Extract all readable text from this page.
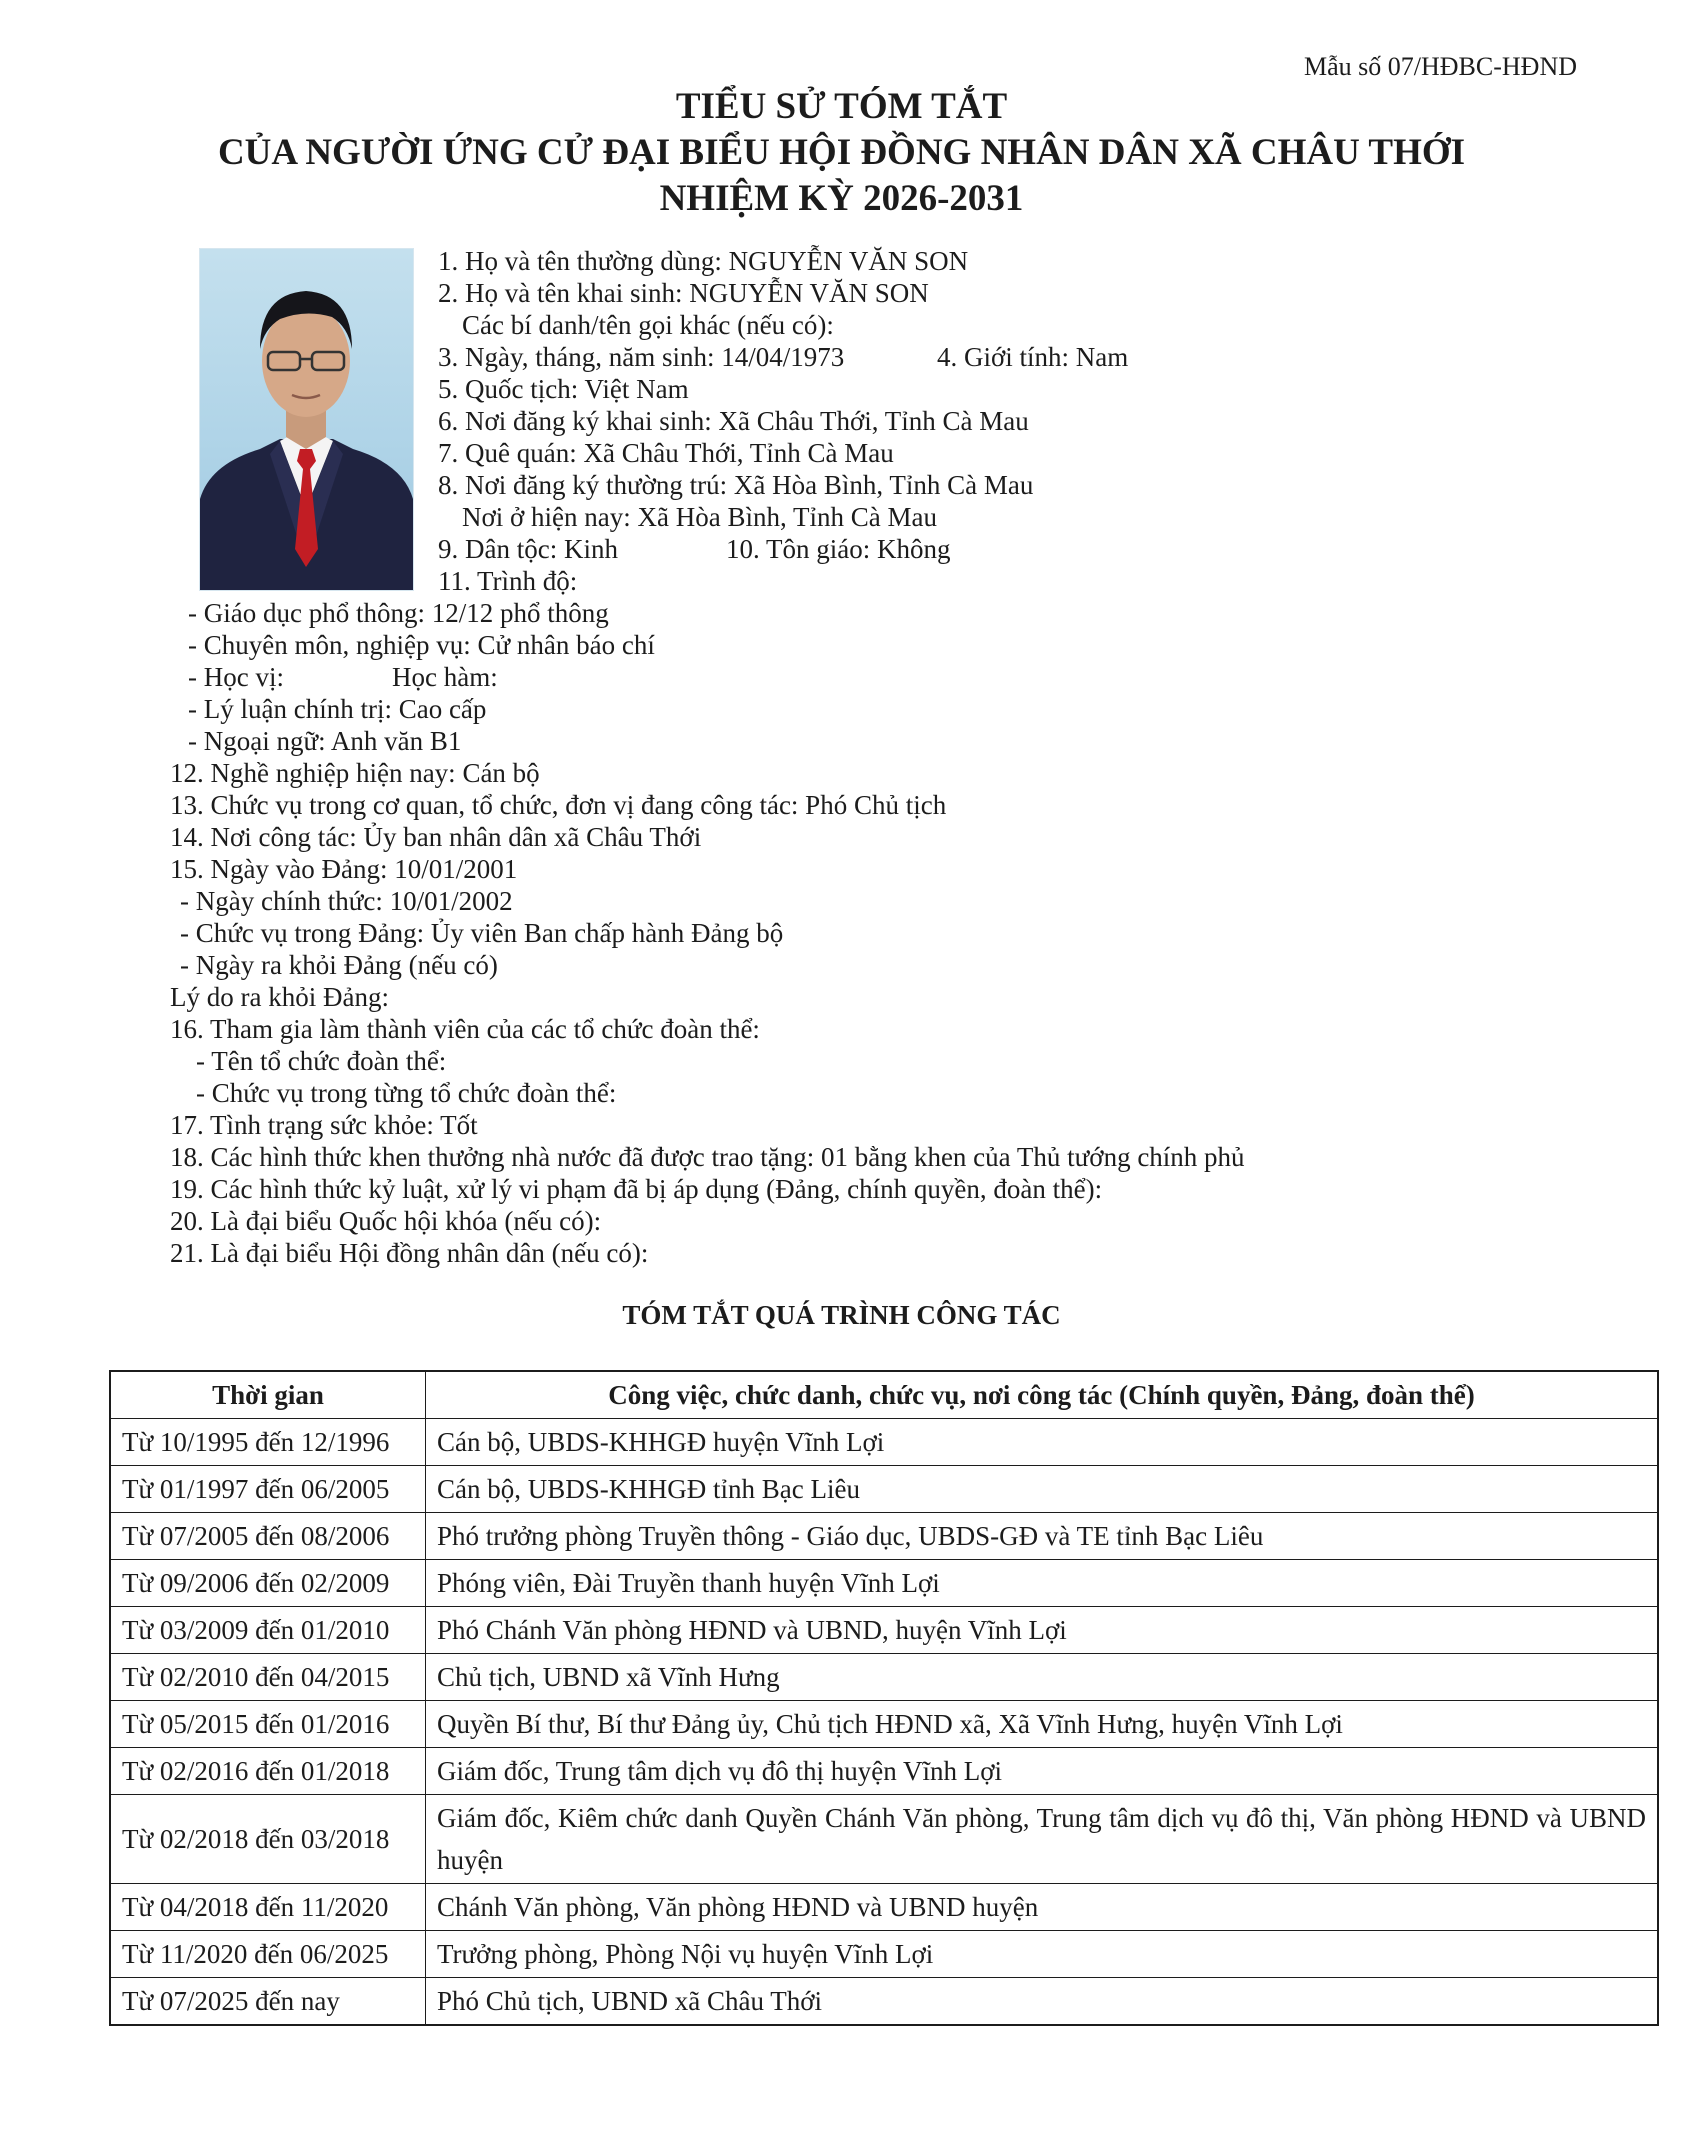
Mẫu số 07/HĐBC-HĐND
TIỂU SỬ TÓM TẮT
CỦA NGƯỜI ỨNG CỬ ĐẠI BIỂU HỘI ĐỒNG NHÂN DÂN XÃ CHÂU THỚI
NHIỆM KỲ 2026-2031
1. Họ và tên thường dùng: NGUYỄN VĂN SON
2. Họ và tên khai sinh: NGUYỄN VĂN SON
Các bí danh/tên gọi khác (nếu có):
3. Ngày, tháng, năm sinh: 14/04/1973	4. Giới tính: Nam
5. Quốc tịch: Việt Nam
6. Nơi đăng ký khai sinh: Xã Châu Thới, Tỉnh Cà Mau
7. Quê quán: Xã Châu Thới, Tỉnh Cà Mau
8. Nơi đăng ký thường trú: Xã Hòa Bình, Tỉnh Cà Mau
Nơi ở hiện nay: Xã Hòa Bình, Tỉnh Cà Mau
9. Dân tộc: Kinh	10. Tôn giáo: Không
11. Trình độ:
- Giáo dục phổ thông: 12/12 phổ thông
- Chuyên môn, nghiệp vụ: Cử nhân báo chí
- Học vị:	Học hàm:
- Lý luận chính trị: Cao cấp
- Ngoại ngữ: Anh văn B1
12. Nghề nghiệp hiện nay: Cán bộ
13. Chức vụ trong cơ quan, tổ chức, đơn vị đang công tác: Phó Chủ tịch
14. Nơi công tác: Ủy ban nhân dân xã Châu Thới
15. Ngày vào Đảng: 10/01/2001
- Ngày chính thức: 10/01/2002
- Chức vụ trong Đảng: Ủy viên Ban chấp hành Đảng bộ
- Ngày ra khỏi Đảng (nếu có)
Lý do ra khỏi Đảng:
16. Tham gia làm thành viên của các tổ chức đoàn thể:
- Tên tổ chức đoàn thể:
- Chức vụ trong từng tổ chức đoàn thể:
17. Tình trạng sức khỏe: Tốt
18. Các hình thức khen thưởng nhà nước đã được trao tặng: 01 bằng khen của Thủ tướng chính phủ
19. Các hình thức kỷ luật, xử lý vi phạm đã bị áp dụng (Đảng, chính quyền, đoàn thể):
20. Là đại biểu Quốc hội khóa (nếu có):
21. Là đại biểu Hội đồng nhân dân (nếu có):
TÓM TẮT QUÁ TRÌNH CÔNG TÁC
Thời gian	Công việc, chức danh, chức vụ, nơi công tác (Chính quyền, Đảng, đoàn thể)
Từ 10/1995 đến 12/1996	Cán bộ, UBDS-KHHGĐ huyện Vĩnh Lợi
Từ 01/1997 đến 06/2005	Cán bộ, UBDS-KHHGĐ tỉnh Bạc Liêu
Từ 07/2005 đến 08/2006	Phó trưởng phòng Truyền thông - Giáo dục, UBDS-GĐ và TE tỉnh Bạc Liêu
Từ 09/2006 đến 02/2009	Phóng viên, Đài Truyền thanh huyện Vĩnh Lợi
Từ 03/2009 đến 01/2010	Phó Chánh Văn phòng HĐND và UBND, huyện Vĩnh Lợi
Từ 02/2010 đến 04/2015	Chủ tịch, UBND xã Vĩnh Hưng
Từ 05/2015 đến 01/2016	Quyền Bí thư, Bí thư Đảng ủy, Chủ tịch HĐND xã, Xã Vĩnh Hưng, huyện Vĩnh Lợi
Từ 02/2016 đến 01/2018	Giám đốc, Trung tâm dịch vụ đô thị huyện Vĩnh Lợi
Từ 02/2018 đến 03/2018	Giám đốc, Kiêm chức danh Quyền Chánh Văn phòng, Trung tâm dịch vụ đô thị, Văn phòng HĐND và UBND huyện
Từ 04/2018 đến 11/2020	Chánh Văn phòng, Văn phòng HĐND và UBND huyện
Từ 11/2020 đến 06/2025	Trưởng phòng, Phòng Nội vụ huyện Vĩnh Lợi
Từ 07/2025 đến nay	Phó Chủ tịch, UBND xã Châu Thới
